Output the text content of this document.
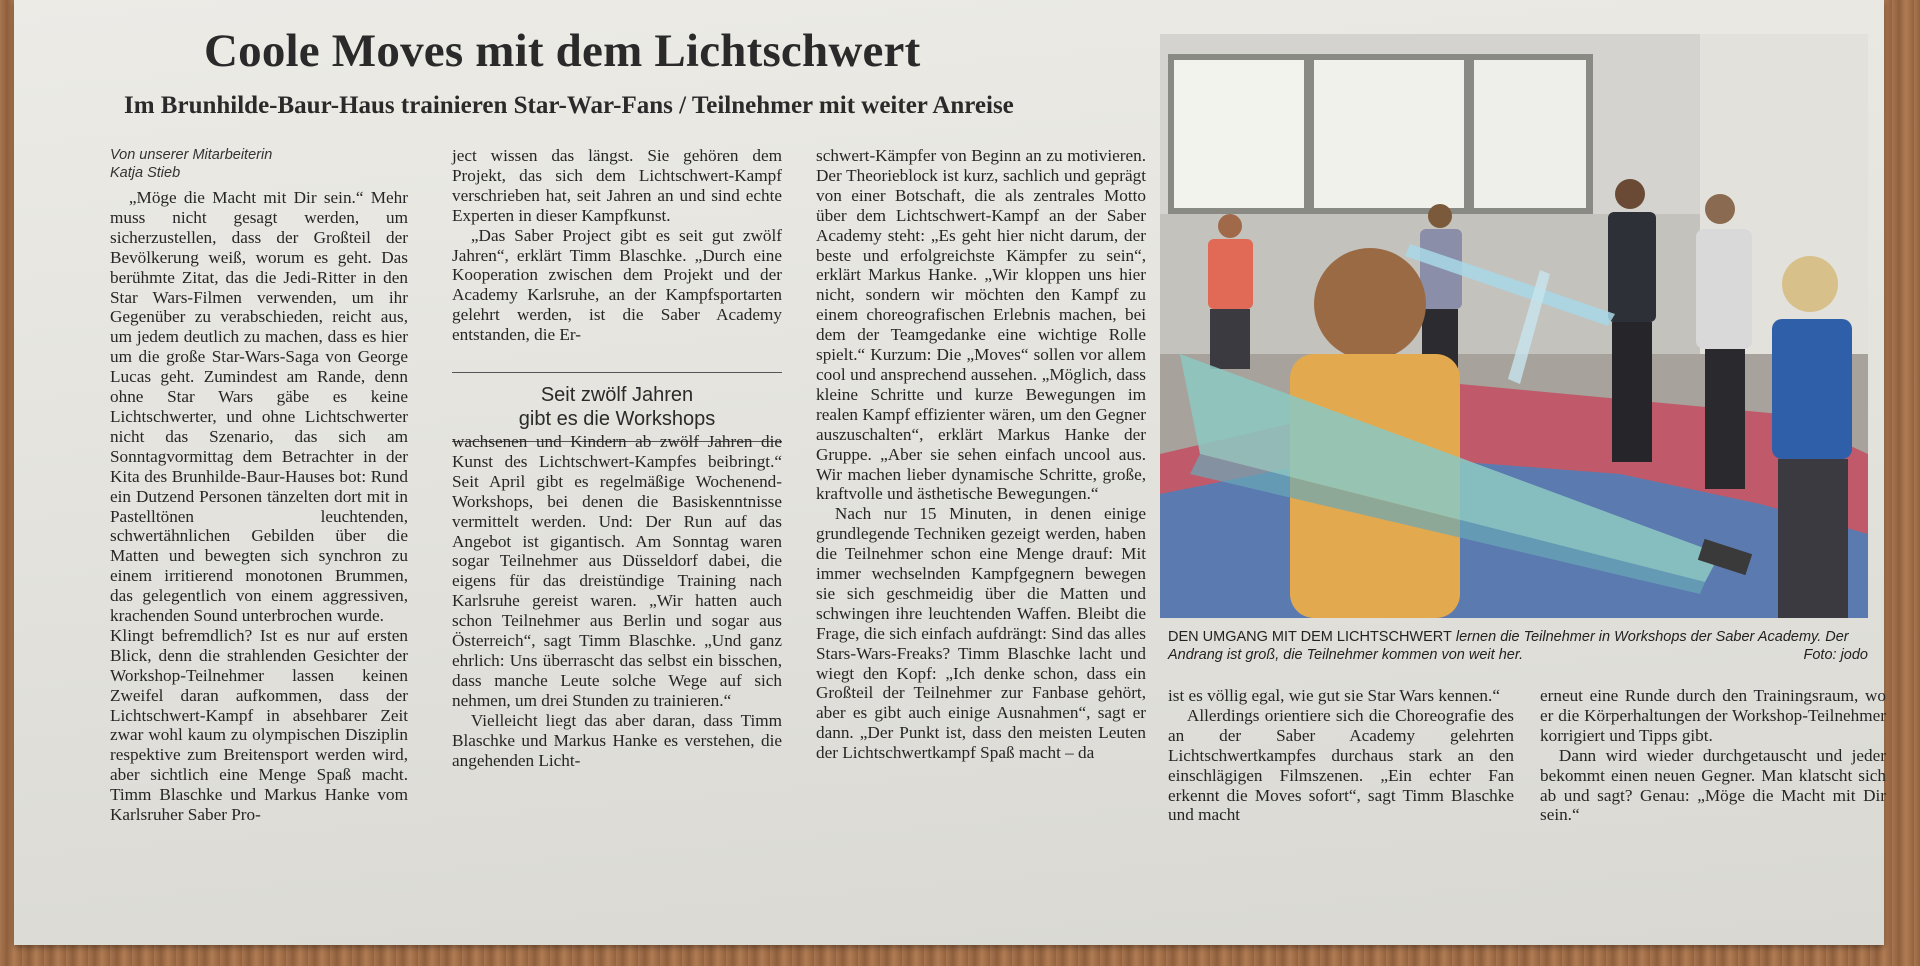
Coole Moves mit dem Lichtschwert
Im Brunhilde-Baur-Haus trainieren Star-War-Fans / Teilnehmer mit weiter Anreise
Von unserer Mitarbeiterin
Katja Stieb

„Möge die Macht mit Dir sein.“ Mehr muss nicht gesagt werden, um sicherzustellen, dass der Großteil der Bevölkerung weiß, worum es geht. Das berühmte Zitat, das die Jedi-Ritter in den Star Wars-Filmen verwenden, um ihr Gegenüber zu verabschieden, reicht aus, um jedem deutlich zu machen, dass es hier um die große Star-Wars-Saga von George Lucas geht. Zumindest am Rande, denn ohne Star Wars gäbe es keine Lichtschwerter, und ohne Lichtschwerter nicht das Szenario, das sich am Sonntagvormittag dem Betrachter in der Kita des Brunhilde-Baur-Hauses bot: Rund ein Dutzend Personen tänzelten dort mit in Pastelltönen leuchtenden, schwertähnlichen Gebilden über die Matten und bewegten sich synchron zu einem irritierend monotonen Brummen, das gelegentlich von einem aggressiven, krachenden Sound unterbrochen wurde.

Klingt befremdlich? Ist es nur auf ersten Blick, denn die strahlenden Gesichter der Workshop-Teilnehmer lassen keinen Zweifel daran aufkommen, dass der Lichtschwert-Kampf in absehbarer Zeit zwar wohl kaum zu olympischen Disziplin respektive zum Breitensport werden wird, aber sichtlich eine Menge Spaß macht. Timm Blaschke und Markus Hanke vom Karlsruher Saber Pro-

ject wissen das längst. Sie gehören dem Projekt, das sich dem Lichtschwert-Kampf verschrieben hat, seit Jahren an und sind echte Experten in dieser Kampfkunst.

„Das Saber Project gibt es seit gut zwölf Jahren“, erklärt Timm Blaschke. „Durch eine Kooperation zwischen dem Projekt und der Academy Karlsruhe, an der Kampfsportarten gelehrt werden, ist die Saber Academy entstanden, die Er-

Seit zwölf Jahren
gibt es die Workshops

wachsenen und Kindern ab zwölf Jahren die Kunst des Lichtschwert-Kampfes beibringt.“ Seit April gibt es regelmäßige Wochenend-Workshops, bei denen die Basiskenntnisse vermittelt werden. Und: Der Run auf das Angebot ist gigantisch. Am Sonntag waren sogar Teilnehmer aus Düsseldorf dabei, die eigens für das dreistündige Training nach Karlsruhe gereist waren. „Wir hatten auch schon Teilnehmer aus Berlin und sogar aus Österreich“, sagt Timm Blaschke. „Und ganz ehrlich: Uns überrascht das selbst ein bisschen, dass manche Leute solche Wege auf sich nehmen, um drei Stunden zu trainieren.“

Vielleicht liegt das aber daran, dass Timm Blaschke und Markus Hanke es verstehen, die angehenden Licht-

schwert-Kämpfer von Beginn an zu motivieren. Der Theorieblock ist kurz, sachlich und geprägt von einer Botschaft, die als zentrales Motto über dem Lichtschwert-Kampf an der Saber Academy steht: „Es geht hier nicht darum, der beste und erfolgreichste Kämpfer zu sein“, erklärt Markus Hanke. „Wir kloppen uns hier nicht, sondern wir möchten den Kampf zu einem choreografischen Erlebnis machen, bei dem der Teamgedanke eine wichtige Rolle spielt.“ Kurzum: Die „Moves“ sollen vor allem cool und ansprechend aussehen. „Möglich, dass kleine Schritte und kurze Bewegungen im realen Kampf effizienter wären, um den Gegner auszuschalten“, erklärt Markus Hanke der Gruppe. „Aber sie sehen einfach uncool aus. Wir machen lieber dynamische Schritte, große, kraftvolle und ästhetische Bewegungen.“

Nach nur 15 Minuten, in denen einige grundlegende Techniken gezeigt werden, haben die Teilnehmer schon eine Menge drauf: Mit immer wechselnden Kampfgegnern bewegen sie sich geschmeidig über die Matten und schwingen ihre leuchtenden Waffen. Bleibt die Frage, die sich einfach aufdrängt: Sind das alles Stars-Wars-Freaks? Timm Blaschke lacht und wiegt den Kopf: „Ich denke schon, dass ein Großteil der Teilnehmer zur Fanbase gehört, aber es gibt auch einige Ausnahmen“, sagt er dann. „Der Punkt ist, dass den meisten Leuten der Lichtschwertkampf Spaß macht – da

DEN UMGANG MIT DEM LICHTSCHWERT lernen die Teilnehmer in Workshops der Saber Academy. Der Andrang ist groß, die Teilnehmer kommen von weit her.	Foto: jodo

ist es völlig egal, wie gut sie Star Wars kennen.“

Allerdings orientiere sich die Choreografie des an der Saber Academy gelehrten Lichtschwertkampfes durchaus stark an den einschlägigen Filmszenen. „Ein echter Fan erkennt die Moves sofort“, sagt Timm Blaschke und macht

erneut eine Runde durch den Trainingsraum, wo er die Körperhaltungen der Workshop-Teilnehmer korrigiert und Tipps gibt.

Dann wird wieder durchgetauscht und jeder bekommt einen neuen Gegner. Man klatscht sich ab und sagt? Genau: „Möge die Macht mit Dir sein.“
